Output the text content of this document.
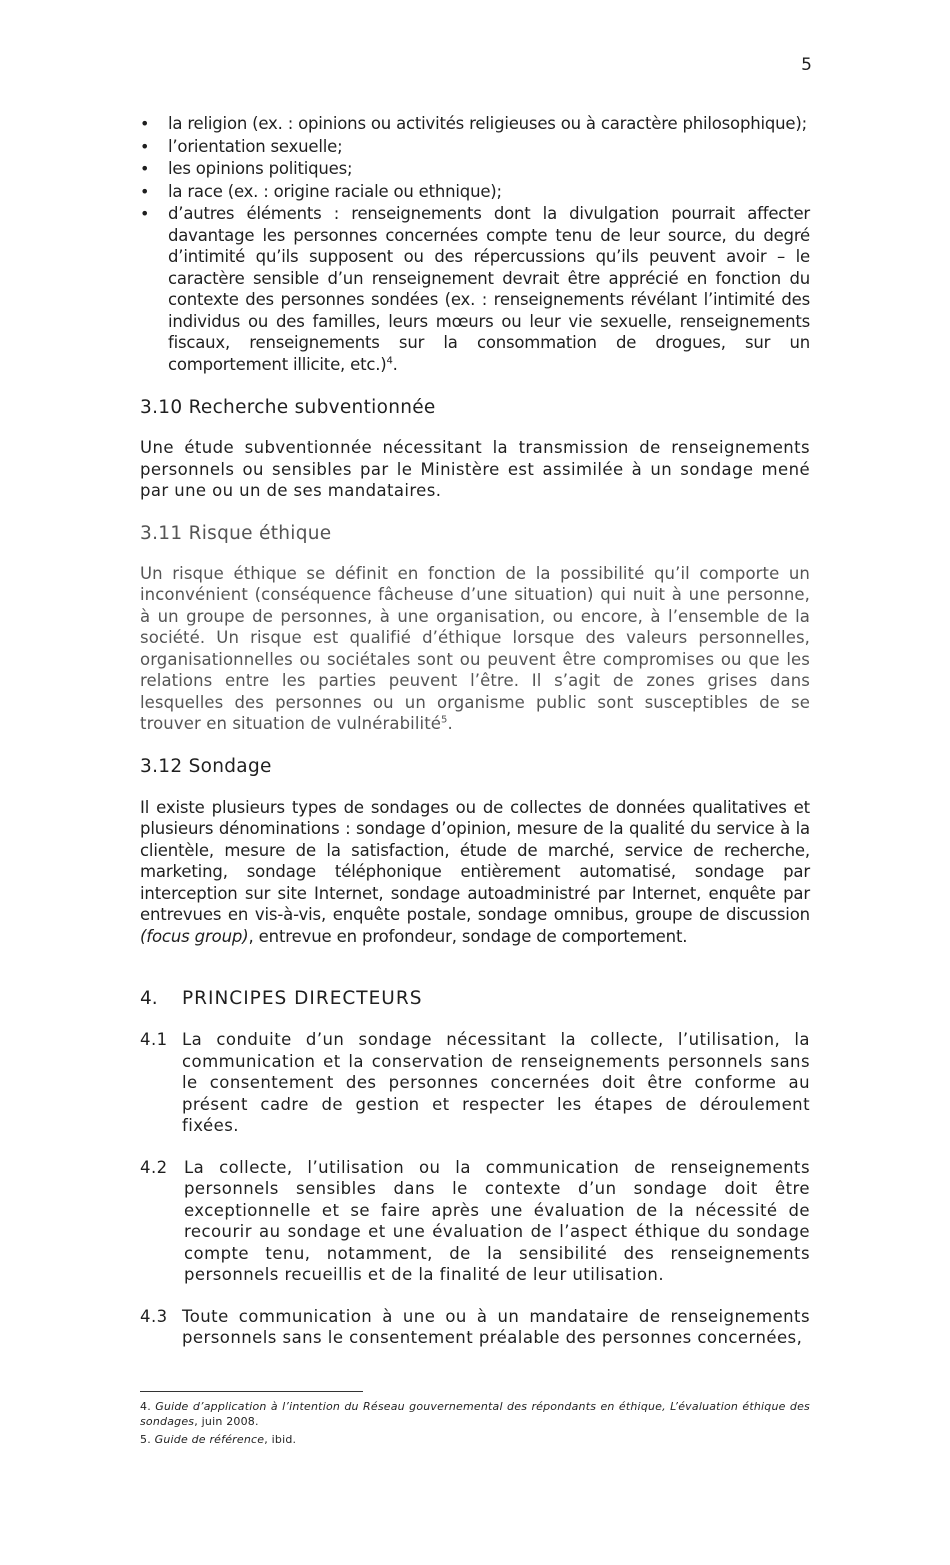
5
• la religion (ex. : opinions ou activités religieuses ou à caractère philosophique);
• l’orientation sexuelle;
• les opinions politiques;
• la race (ex. : origine raciale ou ethnique);
• d’autres éléments : renseignements dont la divulgation pourrait affecter davantage les personnes concernées compte tenu de leur source, du degré d’intimité qu’ils supposent ou des répercussions qu’ils peuvent avoir – le caractère sensible d’un renseignement devrait être apprécié en fonction du contexte des personnes sondées (ex. : renseignements révélant l’intimité des individus ou des familles, leurs mœurs ou leur vie sexuelle, renseignements fiscaux, renseignements sur la consommation de drogues, sur un comportement illicite, etc.)$^4$.
3.10 Recherche subventionnée

Une étude subventionnée nécessitant la transmission de renseignements personnels ou sensibles par le Ministère est assimilée à un sondage mené par une ou un de ses mandataires.

3.11 Risque éthique

Un risque éthique se définit en fonction de la possibilité qu’il comporte un inconvénient (conséquence fâcheuse d’une situation) qui nuit à une personne, à un groupe de personnes, à une organisation, ou encore, à l’ensemble de la société. Un risque est qualifié d’éthique lorsque des valeurs personnelles, organisationnelles ou sociétales sont ou peuvent être compromises ou que les relations entre les parties peuvent l’être. Il s’agit de zones grises dans lesquelles des personnes ou un organisme public sont susceptibles de se trouver en situation de vulnérabilité$^5$.

3.12 Sondage

Il existe plusieurs types de sondages ou de collectes de données qualitatives et plusieurs dénominations : sondage d’opinion, mesure de la qualité du service à la clientèle, mesure de la satisfaction, étude de marché, service de recherche, marketing, sondage téléphonique entièrement automatisé, sondage par interception sur site Internet, sondage autoadministré par Internet, enquête par entrevues en vis-à-vis, enquête postale, sondage omnibus, groupe de discussion (focus group), entrevue en profondeur, sondage de comportement.

4. PRINCIPES DIRECTEURS

4.1 La conduite d’un sondage nécessitant la collecte, l’utilisation, la communication et la conservation de renseignements personnels sans le consentement des personnes concernées doit être conforme au présent cadre de gestion et respecter les étapes de déroulement fixées.

4.2 La collecte, l’utilisation ou la communication de renseignements personnels sensibles dans le contexte d’un sondage doit être exceptionnelle et se faire après une évaluation de la nécessité de recourir au sondage et une évaluation de l’aspect éthique du sondage compte tenu, notamment, de la sensibilité des renseignements personnels recueillis et de la finalité de leur utilisation.

4.3 Toute communication à une ou à un mandataire de renseignements personnels sans le consentement préalable des personnes concernées,

4. Guide d’application à l’intention du Réseau gouvernemental des répondants en éthique, L’évaluation éthique des sondages, juin 2008.

5. Guide de référence, ibid.
